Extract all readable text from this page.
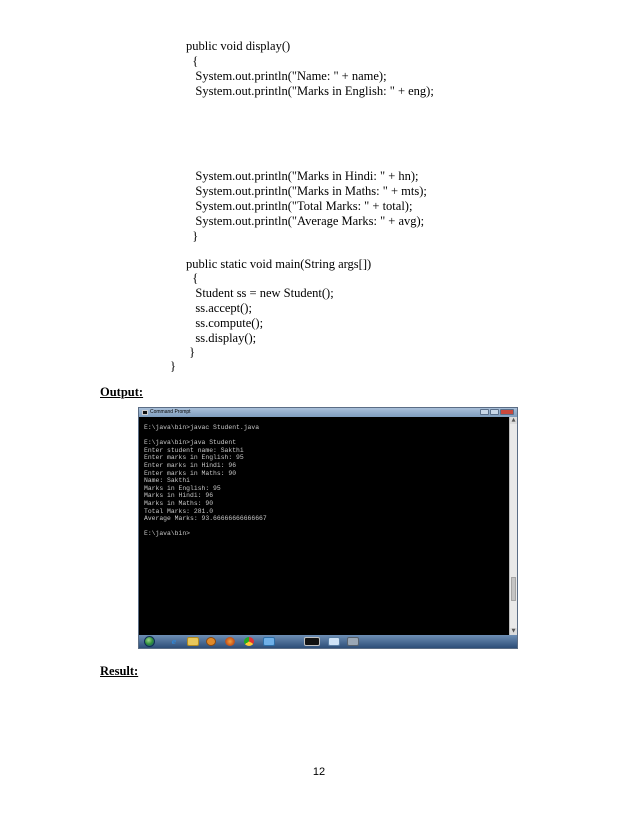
public void display()
{
System.out.println("Name: " + name);
System.out.println("Marks in English: " + eng);
System.out.println("Marks in Hindi: " + hn);
System.out.println("Marks in Maths: " + mts);
System.out.println("Total Marks: " + total);
System.out.println("Average Marks: " + avg);
}
public static void main(String args[])
{
Student ss = new Student();
ss.accept();
ss.compute();
ss.display();
}
}
Output:
Command Prompt
E:\java\bin>javac Student.java
E:\java\bin>java Student
Enter student name: Sakthi
Enter marks in English: 95
Enter marks in Hindi: 96
Enter marks in Maths: 90
Name: Sakthi
Marks in English: 95
Marks in Hindi: 96
Marks in Maths: 90
Total Marks: 281.0
Average Marks: 93.66666666666667
E:\java\bin>
▲
▼
e
Result:
12
